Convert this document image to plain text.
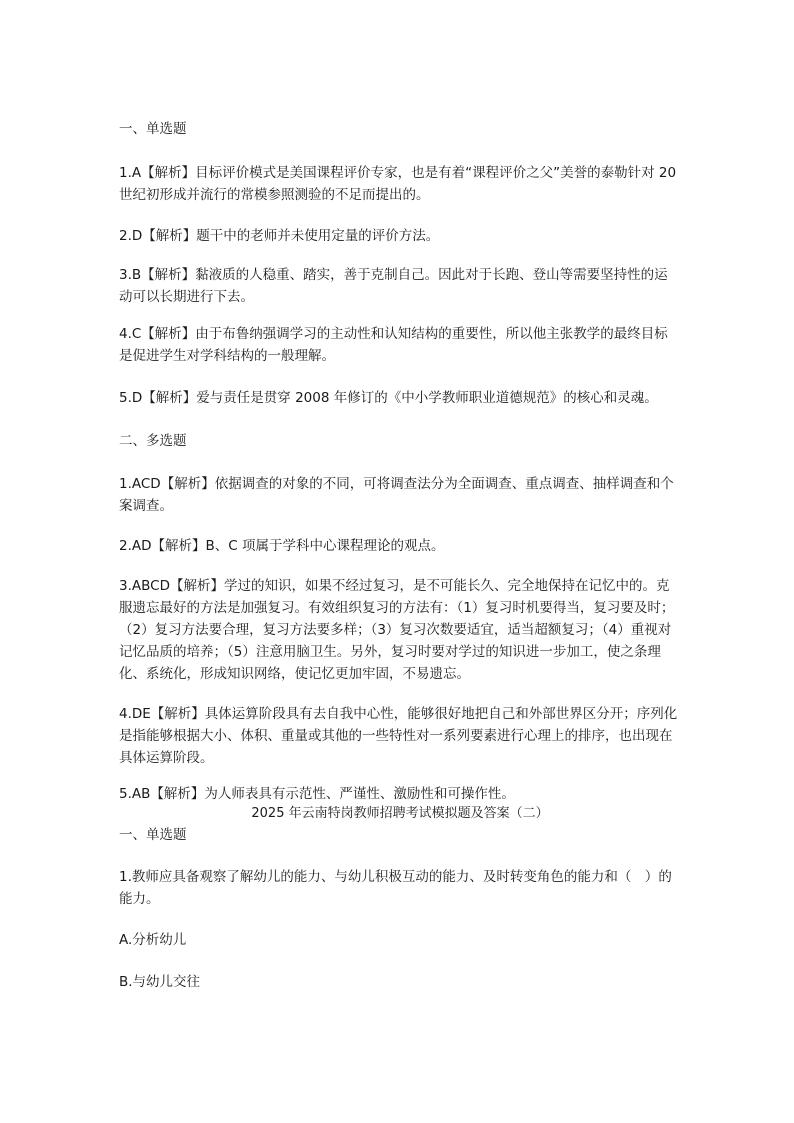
一、单选题

1.A【解析】目标评价模式是美国课程评价专家，也是有着“课程评价之父”美誉的泰勒针对 20 世纪初形成并流行的常模参照测验的不足而提出的。

2.D【解析】题干中的老师并未使用定量的评价方法。

3.B【解析】黏液质的人稳重、踏实，善于克制自己。因此对于长跑、登山等需要坚持性的运动可以长期进行下去。

4.C【解析】由于布鲁纳强调学习的主动性和认知结构的重要性，所以他主张教学的最终目标是促进学生对学科结构的一般理解。

5.D【解析】爱与责任是贯穿 2008 年修订的《中小学教师职业道德规范》的核心和灵魂。

二、多选题

1.ACD【解析】依据调查的对象的不同，可将调查法分为全面调查、重点调查、抽样调查和个案调查。

2.AD【解析】B、C 项属于学科中心课程理论的观点。

3.ABCD【解析】学过的知识，如果不经过复习，是不可能长久、完全地保持在记忆中的。克服遗忘最好的方法是加强复习。有效组织复习的方法有：（1）复习时机要得当，复习要及时；（2）复习方法要合理，复习方法要多样；（3）复习次数要适宜，适当超额复习；（4）重视对记忆品质的培养；（5）注意用脑卫生。另外，复习时要对学过的知识进一步加工，使之条理化、系统化，形成知识网络，使记忆更加牢固，不易遗忘。

4.DE【解析】具体运算阶段具有去自我中心性，能够很好地把自己和外部世界区分开；序列化是指能够根据大小、体积、重量或其他的一些特性对一系列要素进行心理上的排序，也出现在具体运算阶段。

5.AB【解析】为人师表具有示范性、严谨性、激励性和可操作性。

2025 年云南特岗教师招聘考试模拟题及答案（二）

一、单选题

1.教师应具备观察了解幼儿的能力、与幼儿积极互动的能力、及时转变角色的能力和（　）的能力。

A.分析幼儿

B.与幼儿交往
